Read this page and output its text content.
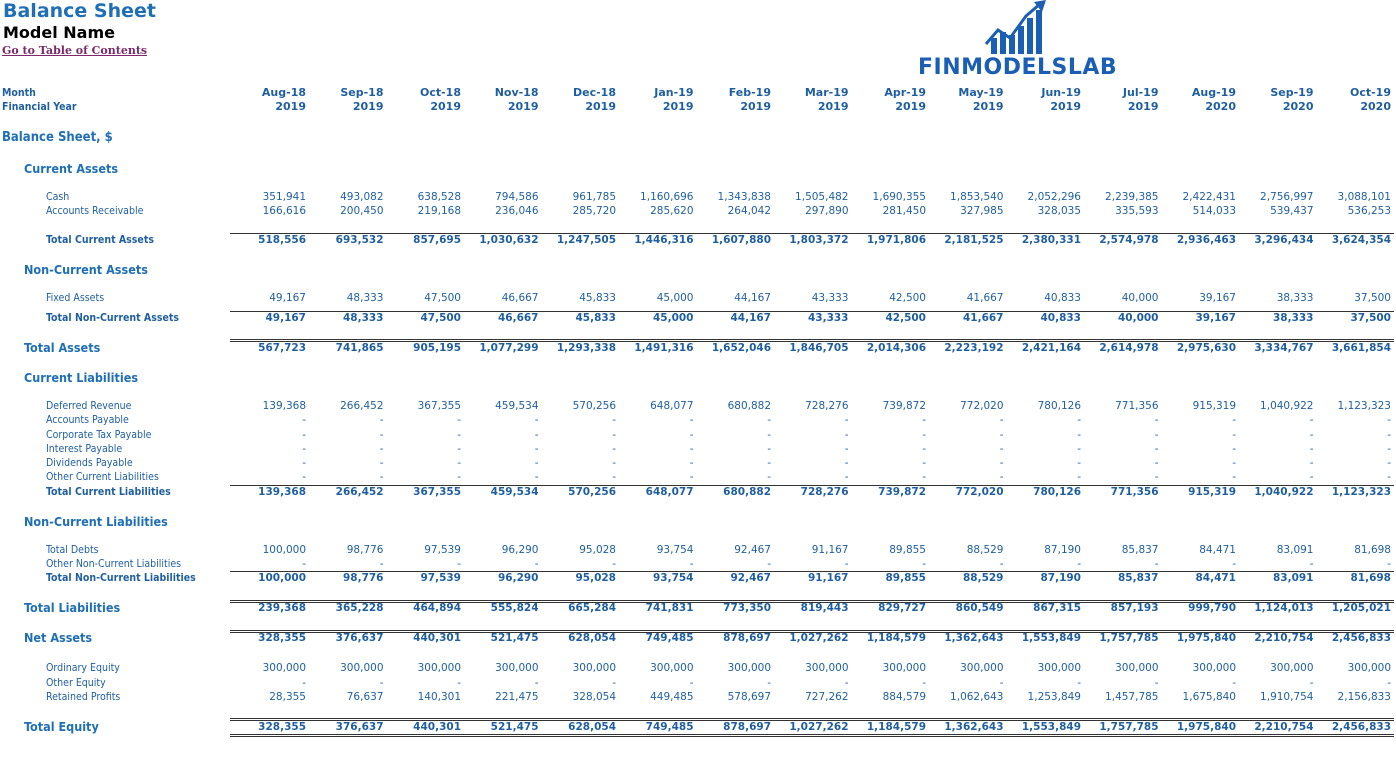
Balance Sheet
Model Name
Go to Table of Contents
FINMODELSLAB
Month	Aug-18	Sep-18	Oct-18	Nov-18	Dec-18	Jan-19	Feb-19	Mar-19	Apr-19	May-19	Jun-19	Jul-19	Aug-19	Sep-19	Oct-19
Financial Year	2019	2019	2019	2019	2019	2019	2019	2019	2019	2019	2019	2019	2020	2020	2020
Balance Sheet, $
Current Assets
Non-Current Assets
Current Liabilities
Non-Current Liabilities
Cash	351,941	493,082	638,528	794,586	961,785	1,160,696	1,343,838	1,505,482	1,690,355	1,853,540	2,052,296	2,239,385	2,422,431	2,756,997	3,088,101
Accounts Receivable	166,616	200,450	219,168	236,046	285,720	285,620	264,042	297,890	281,450	327,985	328,035	335,593	514,033	539,437	536,253
Total Current Assets	518,556	693,532	857,695	1,030,632	1,247,505	1,446,316	1,607,880	1,803,372	1,971,806	2,181,525	2,380,331	2,574,978	2,936,463	3,296,434	3,624,354
Fixed Assets	49,167	48,333	47,500	46,667	45,833	45,000	44,167	43,333	42,500	41,667	40,833	40,000	39,167	38,333	37,500
Total Non-Current Assets	49,167	48,333	47,500	46,667	45,833	45,000	44,167	43,333	42,500	41,667	40,833	40,000	39,167	38,333	37,500
Total Assets	567,723	741,865	905,195	1,077,299	1,293,338	1,491,316	1,652,046	1,846,705	2,014,306	2,223,192	2,421,164	2,614,978	2,975,630	3,334,767	3,661,854
Deferred Revenue	139,368	266,452	367,355	459,534	570,256	648,077	680,882	728,276	739,872	772,020	780,126	771,356	915,319	1,040,922	1,123,323
Accounts Payable	-	-	-	-	-	-	-	-	-	-	-	-	-	-	-
Corporate Tax Payable	-	-	-	-	-	-	-	-	-	-	-	-	-	-	-
Interest Payable	-	-	-	-	-	-	-	-	-	-	-	-	-	-	-
Dividends Payable	-	-	-	-	-	-	-	-	-	-	-	-	-	-	-
Other Current Liabilities	-	-	-	-	-	-	-	-	-	-	-	-	-	-	-
Total Current Liabilities	139,368	266,452	367,355	459,534	570,256	648,077	680,882	728,276	739,872	772,020	780,126	771,356	915,319	1,040,922	1,123,323
Total Debts	100,000	98,776	97,539	96,290	95,028	93,754	92,467	91,167	89,855	88,529	87,190	85,837	84,471	83,091	81,698
Other Non-Current Liabilities	-	-	-	-	-	-	-	-	-	-	-	-	-	-	-
Total Non-Current Liabilities	100,000	98,776	97,539	96,290	95,028	93,754	92,467	91,167	89,855	88,529	87,190	85,837	84,471	83,091	81,698
Total Liabilities	239,368	365,228	464,894	555,824	665,284	741,831	773,350	819,443	829,727	860,549	867,315	857,193	999,790	1,124,013	1,205,021
Net Assets	328,355	376,637	440,301	521,475	628,054	749,485	878,697	1,027,262	1,184,579	1,362,643	1,553,849	1,757,785	1,975,840	2,210,754	2,456,833
Ordinary Equity	300,000	300,000	300,000	300,000	300,000	300,000	300,000	300,000	300,000	300,000	300,000	300,000	300,000	300,000	300,000
Other Equity	-	-	-	-	-	-	-	-	-	-	-	-	-	-	-
Retained Profits	28,355	76,637	140,301	221,475	328,054	449,485	578,697	727,262	884,579	1,062,643	1,253,849	1,457,785	1,675,840	1,910,754	2,156,833
Total Equity	328,355	376,637	440,301	521,475	628,054	749,485	878,697	1,027,262	1,184,579	1,362,643	1,553,849	1,757,785	1,975,840	2,210,754	2,456,833
